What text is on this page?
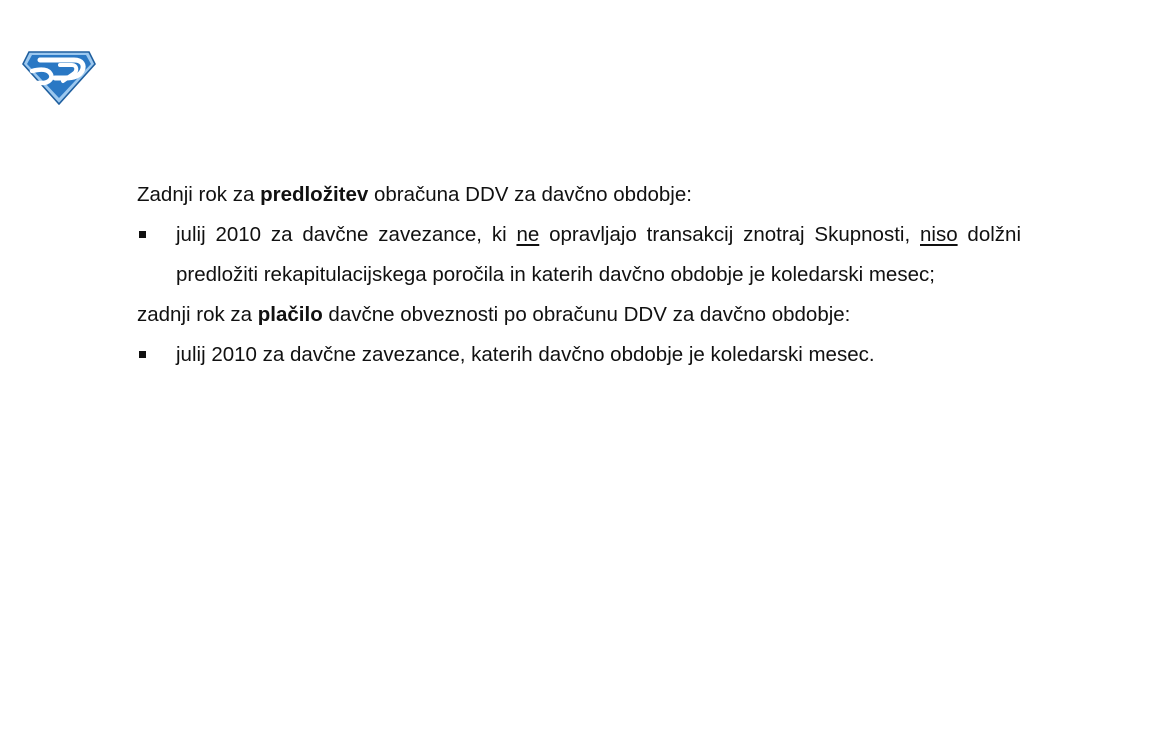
Zadnji rok za predložitev obračuna DDV za davčno obdobje:

julij 2010 za davčne zavezance, ki ne opravljajo transakcij znotraj Skupnosti, niso dolžni predložiti rekapitulacijskega poročila in katerih davčno obdobje je koledarski mesec;

zadnji rok za plačilo davčne obveznosti po obračunu DDV za davčno obdobje:

julij 2010 za davčne zavezance, katerih davčno obdobje je koledarski mesec.
